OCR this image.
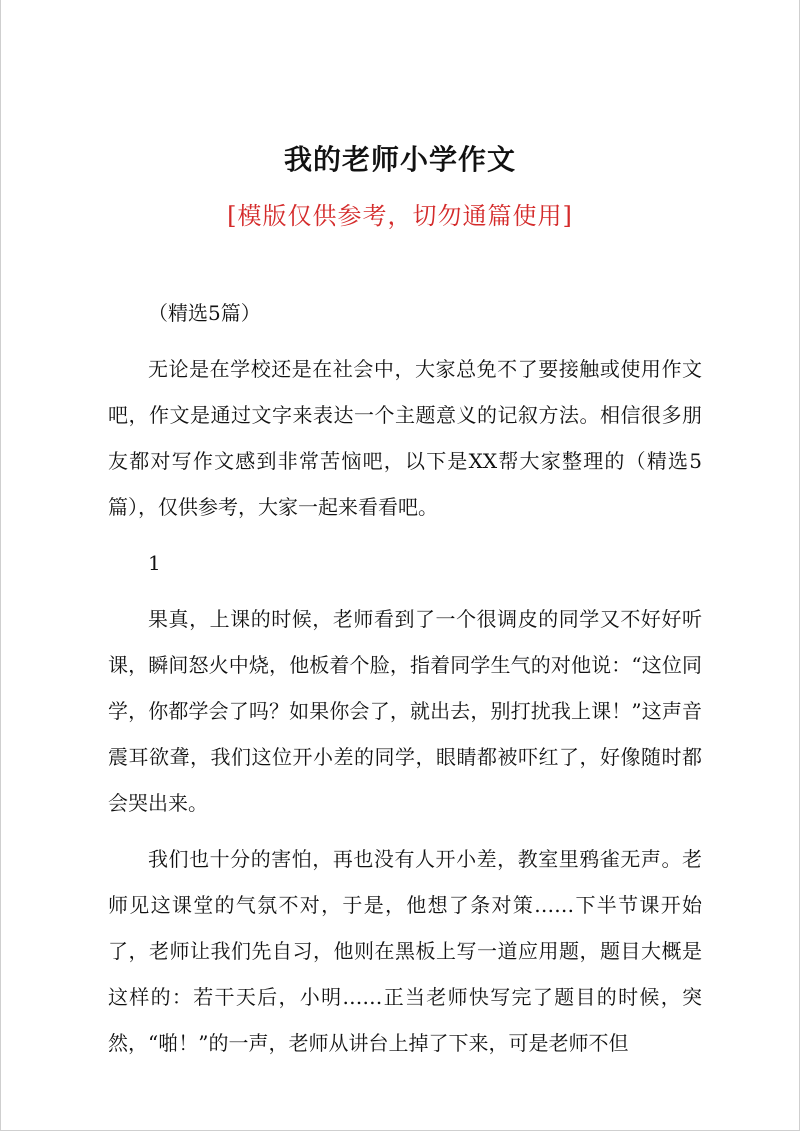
我的老师小学作文
[模版仅供参考，切勿通篇使用]

（精选5篇）

无论是在学校还是在社会中，大家总免不了要接触或使用作文吧，作文是通过文字来表达一个主题意义的记叙方法。相信很多朋友都对写作文感到非常苦恼吧，以下是XX帮大家整理的（精选5篇），仅供参考，大家一起来看看吧。

1

果真，上课的时候，老师看到了一个很调皮的同学又不好好听课，瞬间怒火中烧，他板着个脸，指着同学生气的对他说：“这位同学，你都学会了吗？如果你会了，就出去，别打扰我上课！”这声音震耳欲聋，我们这位开小差的同学，眼睛都被吓红了，好像随时都会哭出来。

我们也十分的害怕，再也没有人开小差，教室里鸦雀无声。老师见这课堂的气氛不对，于是，他想了条对策……下半节课开始了，老师让我们先自习，他则在黑板上写一道应用题，题目大概是这样的：若干天后，小明……正当老师快写完了题目的时候，突然，“啪！”的一声，老师从讲台上掉了下来，可是老师不但
